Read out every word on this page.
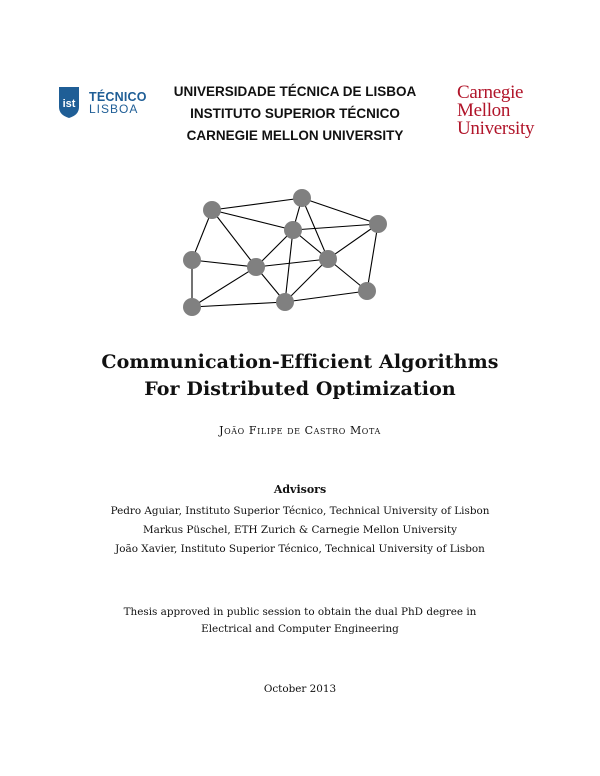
ist
TÉCNICO
LISBOA
UNIVERSIDADE TÉCNICA DE LISBOA
INSTITUTO SUPERIOR TÉCNICO
CARNEGIE MELLON UNIVERSITY
Carnegie
Mellon
University
Communication-Efficient Algorithms
For Distributed Optimization
João Filipe de Castro Mota
Advisors
Pedro Aguiar, Instituto Superior Técnico, Technical University of Lisbon
Markus Püschel, ETH Zurich & Carnegie Mellon University
João Xavier, Instituto Superior Técnico, Technical University of Lisbon
Thesis approved in public session to obtain the dual PhD degree in
Electrical and Computer Engineering
October 2013
